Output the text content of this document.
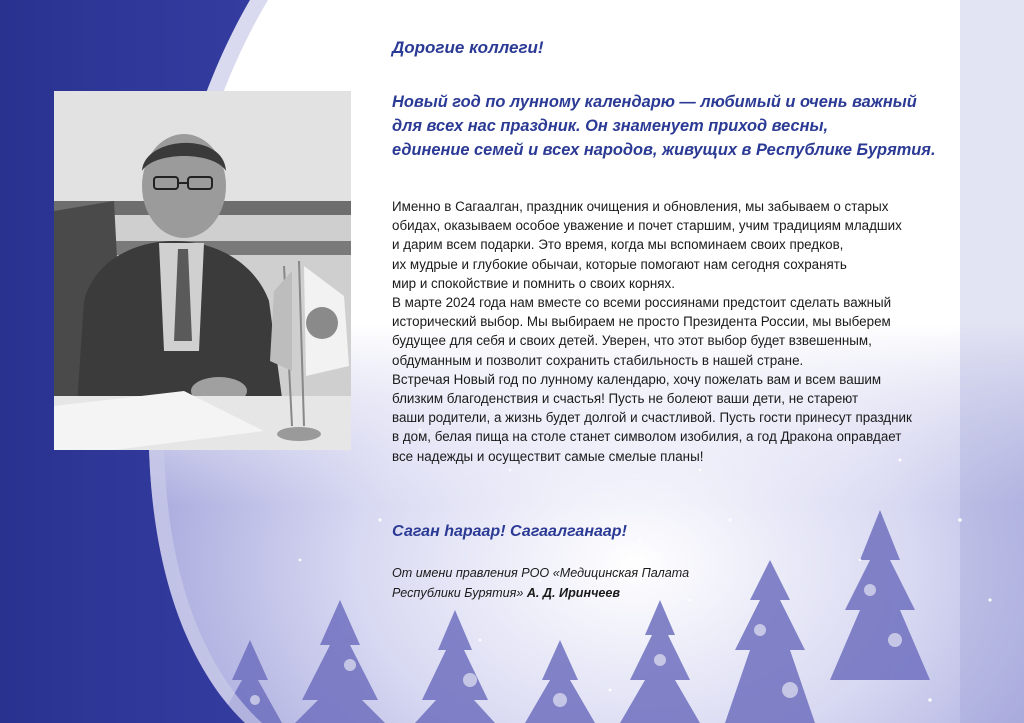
Дорогие коллеги!
Новый год по лунному календарю — любимый и очень важный
для всех нас праздник. Он знаменует приход весны,
единение семей и всех народов, живущих в Республике Бурятия.
Именно в Сагаалган, праздник очищения и обновления, мы забываем о старых
обидах, оказываем особое уважение и почет старшим, учим традициям младших
и дарим всем подарки. Это время, когда мы вспоминаем своих предков,
их мудрые и глубокие обычаи, которые помогают нам сегодня сохранять
мир и спокойствие и помнить о своих корнях.
В марте 2024 года нам вместе со всеми россиянами предстоит сделать важный
исторический выбор. Мы выбираем не просто Президента России, мы выберем
будущее для себя и своих детей. Уверен, что этот выбор будет взвешенным,
обдуманным и позволит сохранить стабильность в нашей стране.
Встречая Новый год по лунному календарю, хочу пожелать вам и всем вашим
близким благоденствия и счастья! Пусть не болеют ваши дети, не стареют
ваши родители, а жизнь будет долгой и счастливой. Пусть гости принесут праздник
в дом, белая пища на столе станет символом изобилия, а год Дракона оправдает
все надежды и осуществит самые смелые планы!
Саган һараар! Сагаалганаар!
От имени правления РОО «Медицинская Палата
Республики Бурятия» А. Д. Иринчеев
